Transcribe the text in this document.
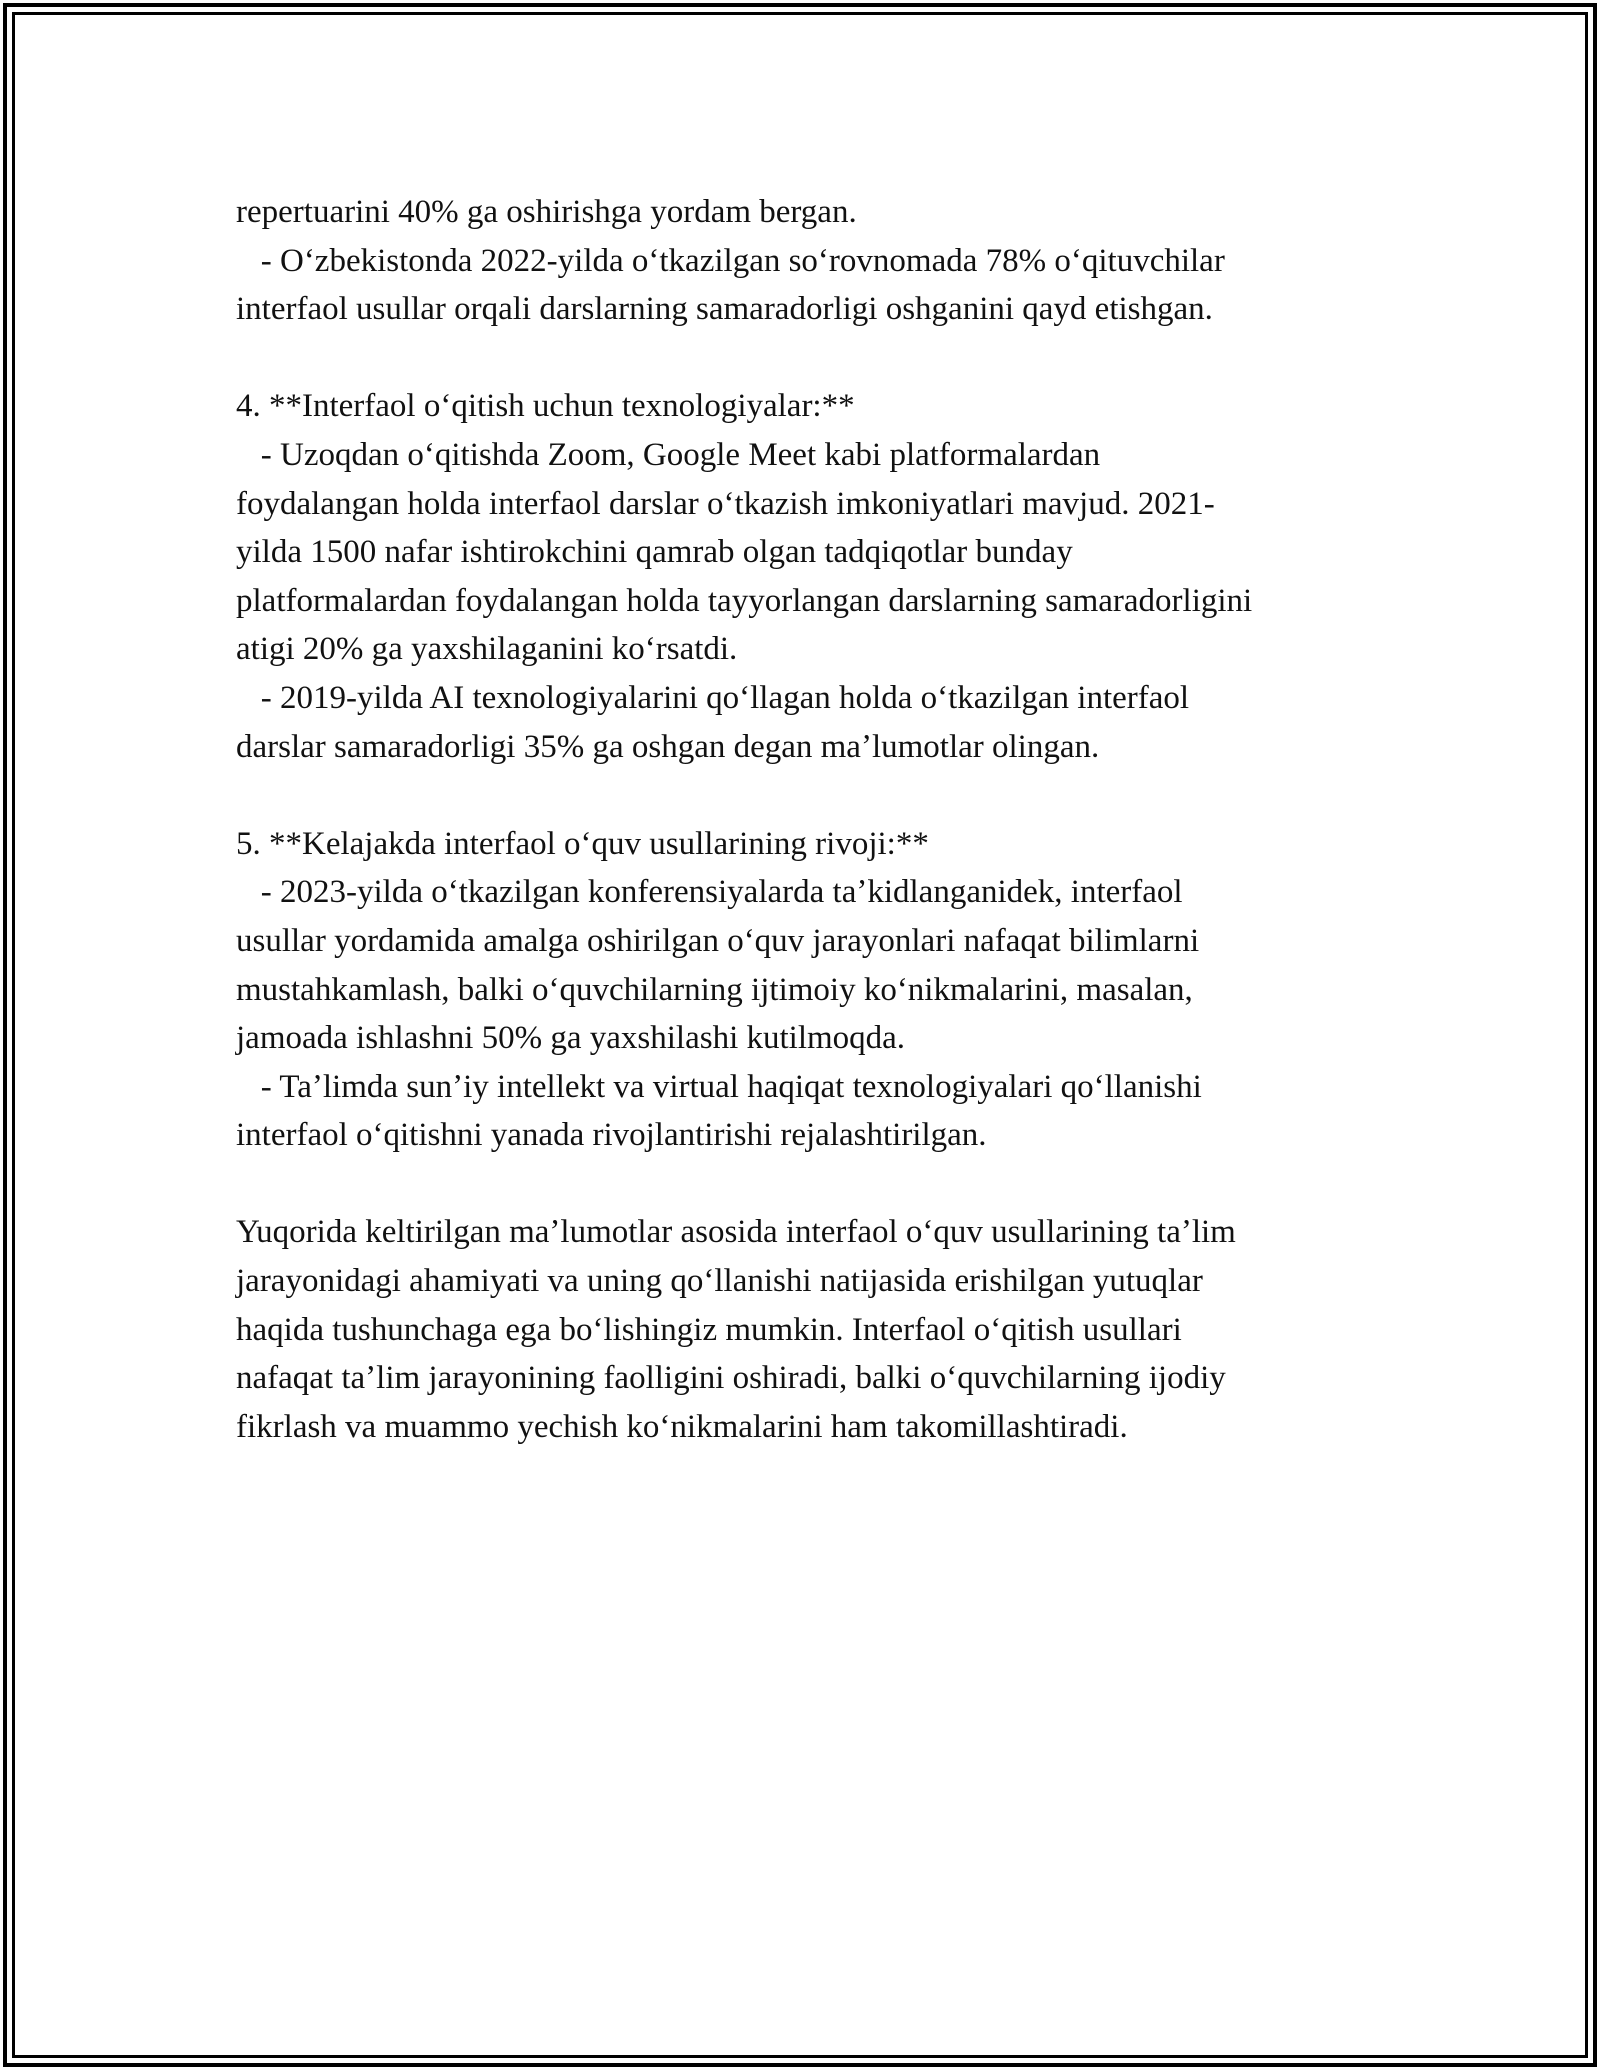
repertuarini 40% ga oshirishga yordam bergan.
- Oʻzbekistonda 2022-yilda oʻtkazilgan soʻrovnomada 78% oʻqituvchilar
interfaol usullar orqali darslarning samaradorligi oshganini qayd etishgan.
4. **Interfaol oʻqitish uchun texnologiyalar:**
- Uzoqdan oʻqitishda Zoom, Google Meet kabi platformalardan
foydalangan holda interfaol darslar oʻtkazish imkoniyatlari mavjud. 2021-
yilda 1500 nafar ishtirokchini qamrab olgan tadqiqotlar bunday
platformalardan foydalangan holda tayyorlangan darslarning samaradorligini
atigi 20% ga yaxshilaganini koʻrsatdi.
- 2019-yilda AI texnologiyalarini qoʻllagan holda oʻtkazilgan interfaol
darslar samaradorligi 35% ga oshgan degan maʼlumotlar olingan.
5. **Kelajakda interfaol oʻquv usullarining rivoji:**
- 2023-yilda oʻtkazilgan konferensiyalarda taʼkidlanganidek, interfaol
usullar yordamida amalga oshirilgan oʻquv jarayonlari nafaqat bilimlarni
mustahkamlash, balki oʻquvchilarning ijtimoiy koʻnikmalarini, masalan,
jamoada ishlashni 50% ga yaxshilashi kutilmoqda.
- Taʼlimda sunʼiy intellekt va virtual haqiqat texnologiyalari qoʻllanishi
interfaol oʻqitishni yanada rivojlantirishi rejalashtirilgan.
Yuqorida keltirilgan maʼlumotlar asosida interfaol oʻquv usullarining taʼlim
jarayonidagi ahamiyati va uning qoʻllanishi natijasida erishilgan yutuqlar
haqida tushunchaga ega boʻlishingiz mumkin. Interfaol oʻqitish usullari
nafaqat taʼlim jarayonining faolligini oshiradi, balki oʻquvchilarning ijodiy
fikrlash va muammo yechish koʻnikmalarini ham takomillashtiradi.
